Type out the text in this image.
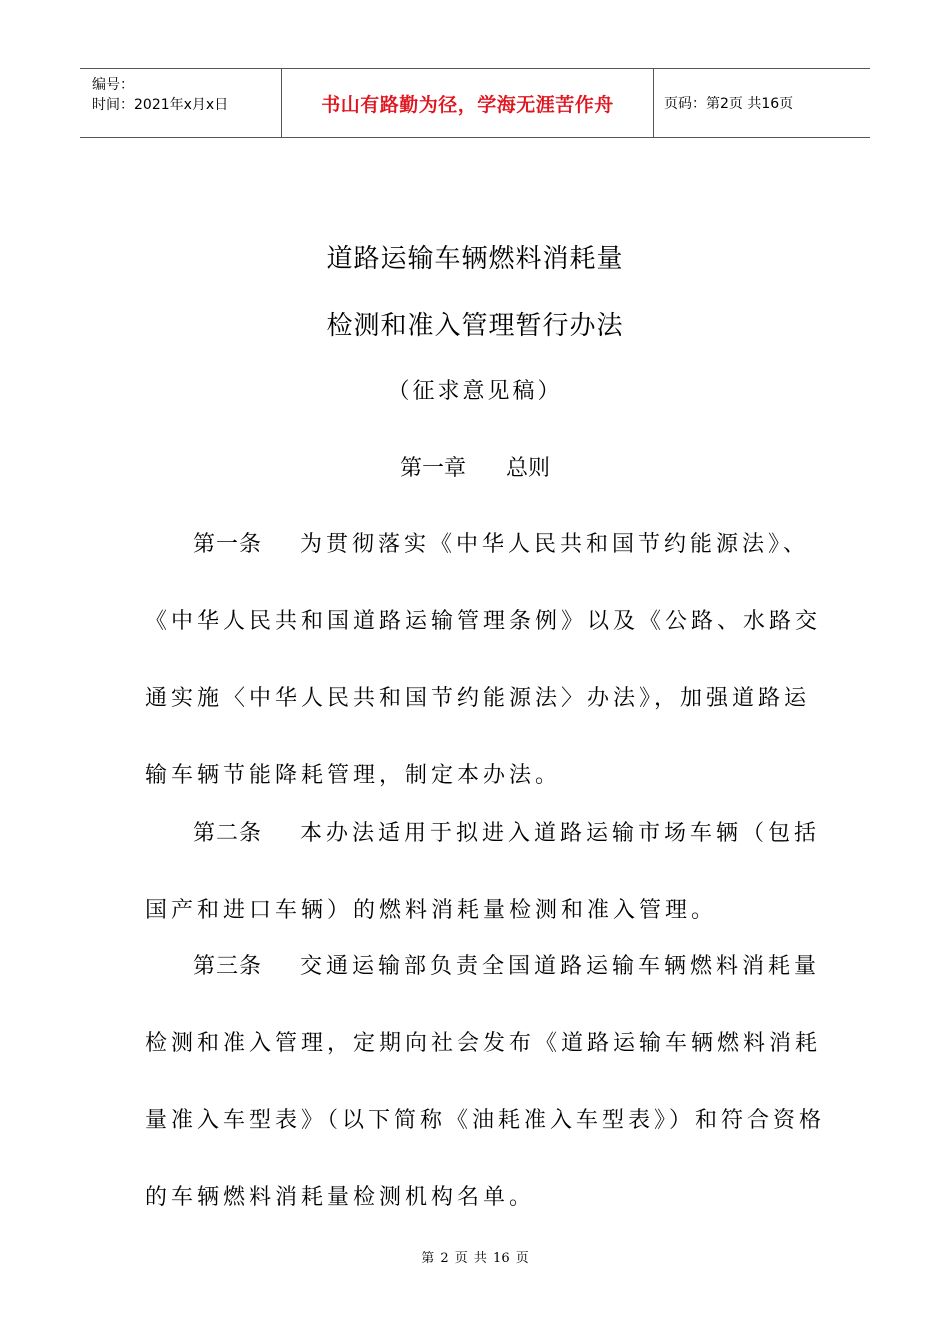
编号：
时间：2021年x月x日	书山有路勤为径，学海无涯苦作舟	页码：第2页 共16页
道路运输车辆燃料消耗量
检测和准入管理暂行办法
（征求意见稿）
第一章 总则
第一条 为贯彻落实《中华人民共和国节约能源法》、《中华人民共和国道路运输管理条例》以及《公路、水路交通实施〈中华人民共和国节约能源法〉办法》，加强道路运输车辆节能降耗管理，制定本办法。
第二条 本办法适用于拟进入道路运输市场车辆（包括国产和进口车辆）的燃料消耗量检测和准入管理。
第三条 交通运输部负责全国道路运输车辆燃料消耗量检测和准入管理，定期向社会发布《道路运输车辆燃料消耗量准入车型表》（以下简称《油耗准入车型表》）和符合资格的车辆燃料消耗量检测机构名单。
第 2 页 共 16 页
